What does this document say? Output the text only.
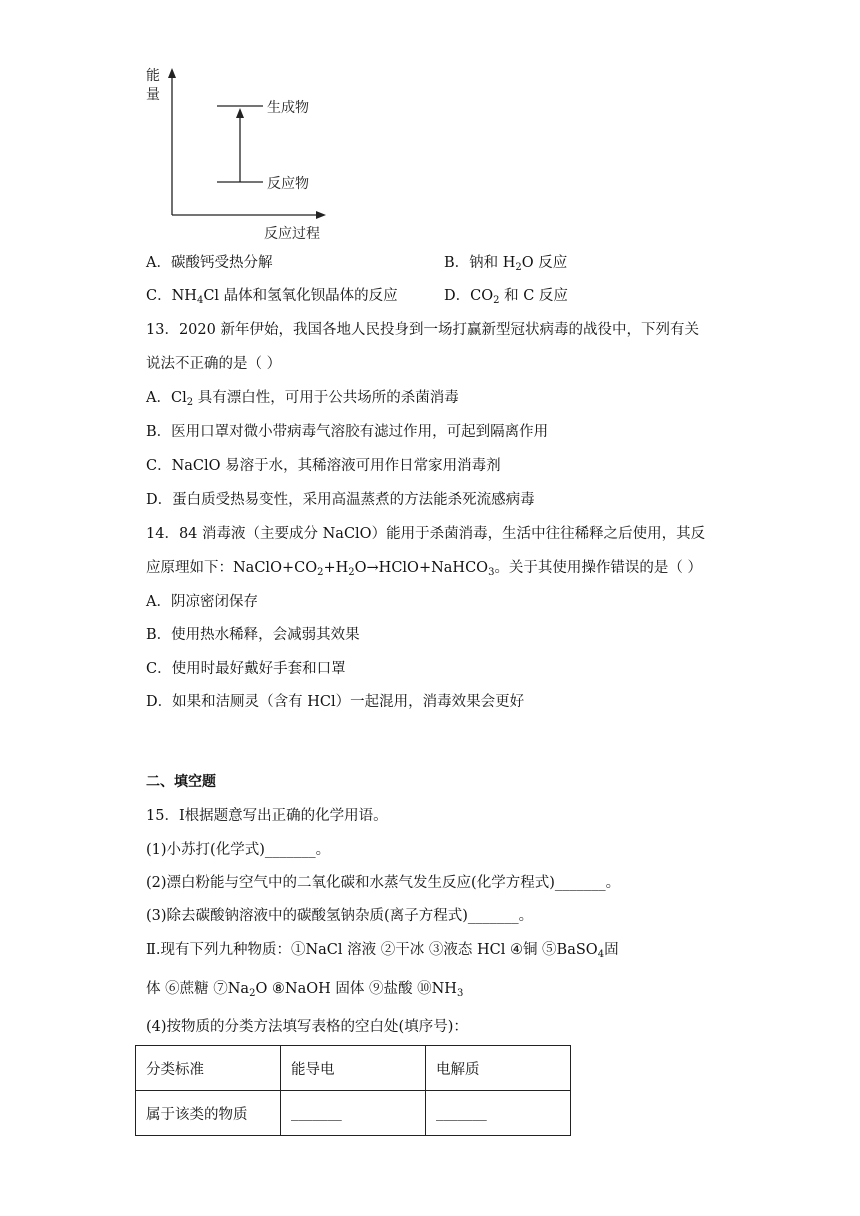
能
量
生成物
反应物
反应过程
A．碳酸钙受热分解	B．钠和 $H_2O$ 反应
C．$NH_4Cl$ 晶体和氢氧化钡晶体的反应	D．$CO_2$ 和 C 反应
13．2020 新年伊始，我国各地人民投身到一场打赢新型冠状病毒的战役中，下列有关
说法不正确的是（ ）
A．$Cl_2$ 具有漂白性，可用于公共场所的杀菌消毒
B．医用口罩对微小带病毒气溶胶有滤过作用，可起到隔离作用
C．NaClO 易溶于水，其稀溶液可用作日常家用消毒剂
D．蛋白质受热易变性，采用高温蒸煮的方法能杀死流感病毒
14．84 消毒液（主要成分 NaClO）能用于杀菌消毒，生活中往往稀释之后使用，其反
应原理如下：$NaClO+CO_2+H_2O\to HClO+NaHCO_3$。关于其使用操作错误的是（ ）
A．阴凉密闭保存
B．使用热水稀释，会减弱其效果
C．使用时最好戴好手套和口罩
D．如果和洁厕灵（含有 HCl）一起混用，消毒效果会更好
二、填空题
15．Ⅰ根据题意写出正确的化学用语。
(1)小苏打(化学式)_______。
(2)漂白粉能与空气中的二氧化碳和水蒸气发生反应(化学方程式)_______。
(3)除去碳酸钠溶液中的碳酸氢钠杂质(离子方程式)_______。
Ⅱ.现有下列九种物质：①NaCl 溶液 ②干冰 ③液态 HCl ④铜 ⑤BaSO$_4$固
体 ⑥蔗糖 $⑦Na_2O$ ⑧NaOH 固体 ⑨盐酸 $⑩NH_3$
(4)按物质的分类方法填写表格的空白处(填序号)：
分类标准	能导电	电解质
属于该类的物质	_______	_______
